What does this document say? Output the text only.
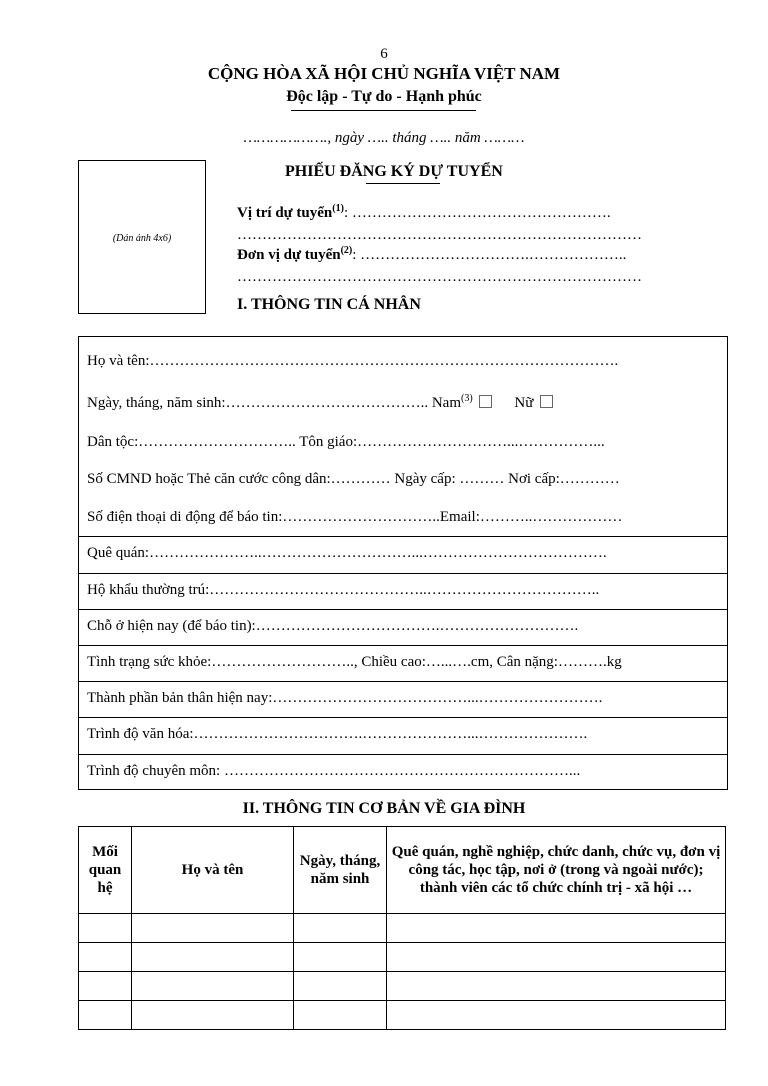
6
CỘNG HÒA XÃ HỘI CHỦ NGHĨA VIỆT NAM
Độc lập - Tự do - Hạnh phúc
………………., ngày ….. tháng ….. năm ………
(Dán ảnh 4x6)
PHIẾU ĐĂNG KÝ DỰ TUYỂN
Vị trí dự tuyển$^{(1)}$: …………………………………………….
………………………………………………………………………
Đơn vị dự tuyển$^{(2)}$: …………………………….………………..
………………………………………………………………………
I. THÔNG TIN CÁ NHÂN
Họ và tên:………………………………………………………………………………….
Ngày, tháng, năm sinh:………………………………….. Nam$^{(3)}$	Nữ
Dân tộc:………………………….. Tôn giáo:…………………………...……………...
Số CMND hoặc Thẻ căn cước công dân:………… Ngày cấp: ……… Nơi cấp:…………
Số điện thoại di động để báo tin:…………………………..Email:………..………………
Quê quán:…………………..…………………………...……………………………….
Hộ khẩu thường trú:……………………………………..……………………………..
Chỗ ở hiện nay (để báo tin):……………………………….……………………….
Tình trạng sức khỏe:……………………….., Chiều cao:…...….cm, Cân nặng:……….kg
Thành phần bản thân hiện nay:…………………………………...…………………….
Trình độ văn hóa:…………………………….…………………...………………….
Trình độ chuyên môn: ……………………………………………………………...
II. THÔNG TIN CƠ BẢN VỀ GIA ĐÌNH
Mối quan hệ	Họ và tên	Ngày, tháng, năm sinh	Quê quán, nghề nghiệp, chức danh, chức vụ, đơn vị công tác, học tập, nơi ở (trong và ngoài nước); thành viên các tổ chức chính trị - xã hội …
